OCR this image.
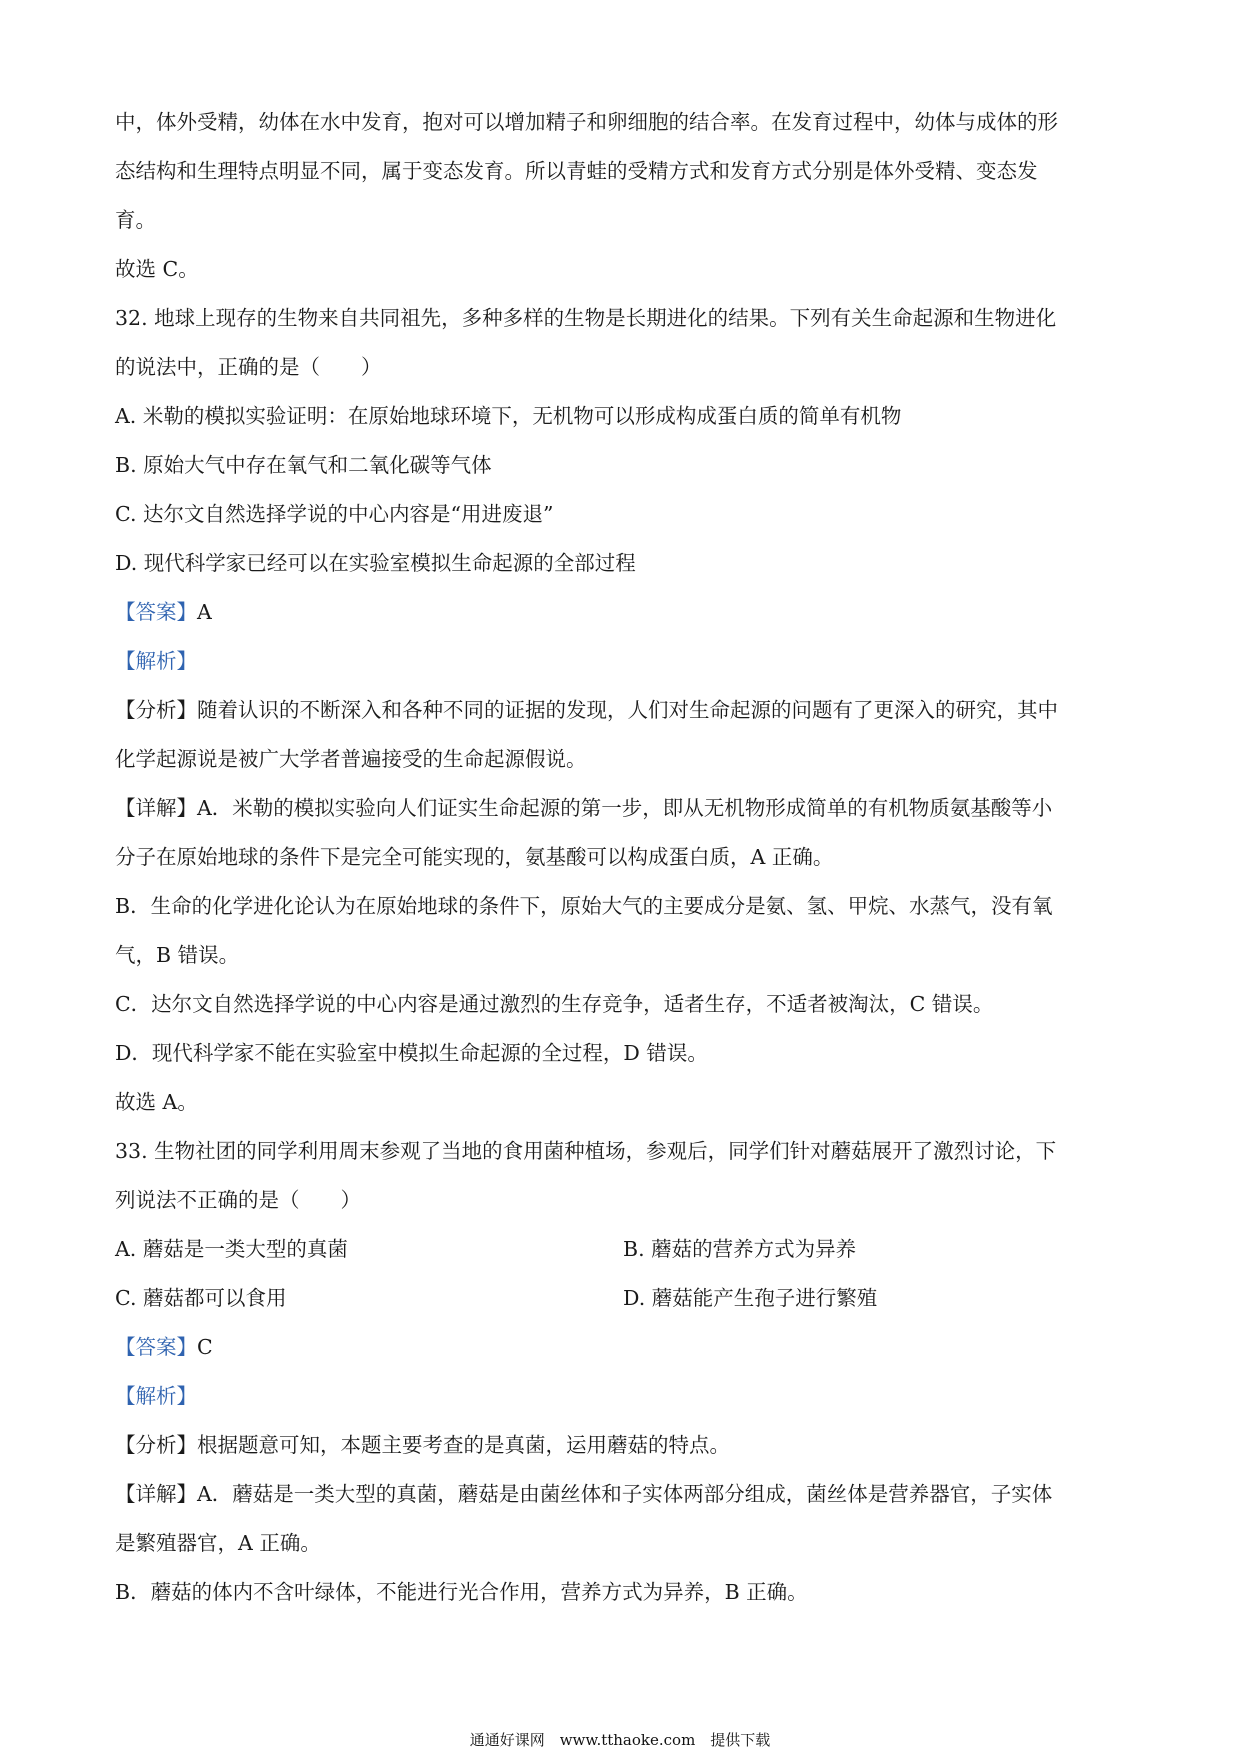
中，体外受精，幼体在水中发育，抱对可以增加精子和卵细胞的结合率。在发育过程中，幼体与成体的形
态结构和生理特点明显不同，属于变态发育。所以青蛙的受精方式和发育方式分别是体外受精、变态发
育。
故选 C。
32. 地球上现存的生物来自共同祖先，多种多样的生物是长期进化的结果。下列有关生命起源和生物进化
的说法中，正确的是（　　）
A. 米勒的模拟实验证明：在原始地球环境下，无机物可以形成构成蛋白质的简单有机物
B. 原始大气中存在氧气和二氧化碳等气体
C. 达尔文自然选择学说的中心内容是“用进废退”
D. 现代科学家已经可以在实验室模拟生命起源的全部过程
【答案】A
【解析】
【分析】随着认识的不断深入和各种不同的证据的发现，人们对生命起源的问题有了更深入的研究，其中
化学起源说是被广大学者普遍接受的生命起源假说。
【详解】A．米勒的模拟实验向人们证实生命起源的第一步，即从无机物形成简单的有机物质氨基酸等小
分子在原始地球的条件下是完全可能实现的，氨基酸可以构成蛋白质，A 正确。
B．生命的化学进化论认为在原始地球的条件下，原始大气的主要成分是氨、氢、甲烷、水蒸气，没有氧
气，B 错误。
C．达尔文自然选择学说的中心内容是通过激烈的生存竞争，适者生存，不适者被淘汰，C 错误。
D．现代科学家不能在实验室中模拟生命起源的全过程，D 错误。
故选 A。
33. 生物社团的同学利用周末参观了当地的食用菌种植场，参观后，同学们针对蘑菇展开了激烈讨论，下
列说法不正确的是（　　）
A. 蘑菇是一类大型的真菌	B. 蘑菇的营养方式为异养
C. 蘑菇都可以食用	D. 蘑菇能产生孢子进行繁殖
【答案】C
【解析】
【分析】根据题意可知，本题主要考查的是真菌，运用蘑菇的特点。
【详解】A．蘑菇是一类大型的真菌，蘑菇是由菌丝体和子实体两部分组成，菌丝体是营养器官，子实体
是繁殖器官，A 正确。
B．蘑菇的体内不含叶绿体，不能进行光合作用，营养方式为异养，B 正确。
通通好课网　www.tthaoke.com　提供下载
